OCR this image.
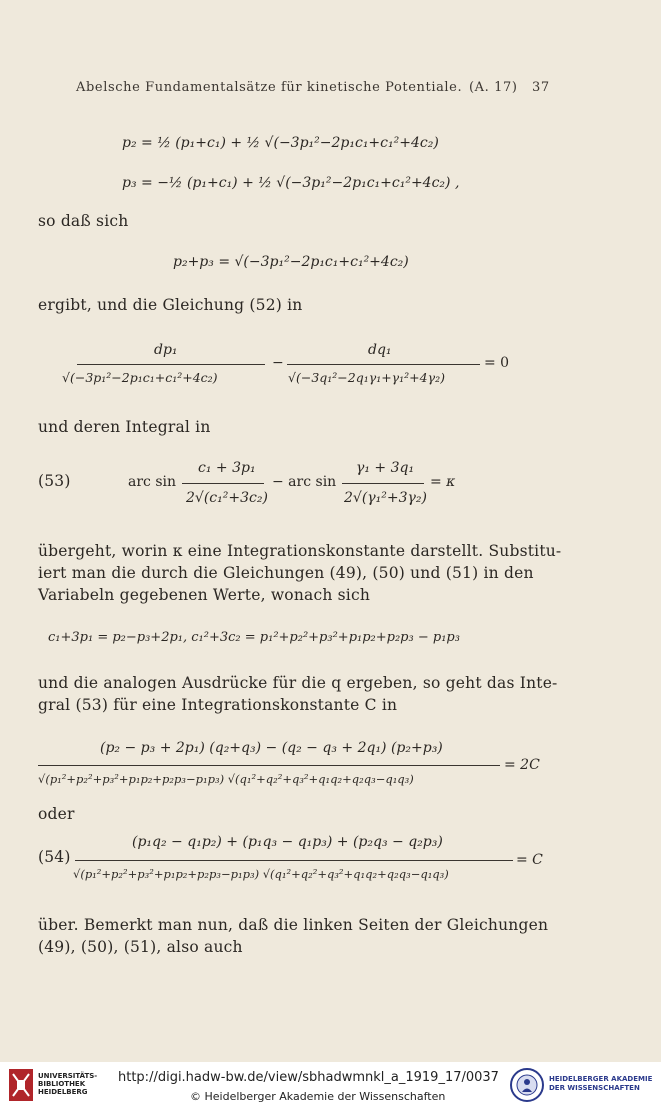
Abelsche Fundamentalsätze für kinetische Potentiale. (A. 17) 37
p₂ = ½ (p₁+c₁) + ½ √(−3p₁²−2p₁c₁+c₁²+4c₂)
p₃ = −½ (p₁+c₁) + ½ √(−3p₁²−2p₁c₁+c₁²+4c₂) ,
so daß sich
p₂+p₃ = √(−3p₁²−2p₁c₁+c₁²+4c₂)
ergibt, und die Gleichung (52) in
dp₁
√(−3p₁²−2p₁c₁+c₁²+4c₂)
−
dq₁
√(−3q₁²−2q₁γ₁+γ₁²+4γ₂)
= 0
und deren Integral in
(53)	arc sin
c₁ + 3p₁
2√(c₁²+3c₂)
− arc sin
γ₁ + 3q₁
2√(γ₁²+3γ₂)
= κ
übergeht, worin κ eine Integrationskonstante darstellt. Substitu-
iert man die durch die Gleichungen (49), (50) und (51) in den
Variabeln gegebenen Werte, wonach sich
c₁+3p₁ = p₂−p₃+2p₁, c₁²+3c₂ = p₁²+p₂²+p₃²+p₁p₂+p₂p₃ − p₁p₃
und die analogen Ausdrücke für die q ergeben, so geht das Inte-
gral (53) für eine Integrationskonstante C in
(p₂ − p₃ + 2p₁) (q₂+q₃) − (q₂ − q₃ + 2q₁) (p₂+p₃)
√(p₁²+p₂²+p₃²+p₁p₂+p₂p₃−p₁p₃) √(q₁²+q₂²+q₃²+q₁q₂+q₂q₃−q₁q₃)
= 2C
oder
(54)
(p₁q₂ − q₁p₂) + (p₁q₃ − q₁p₃) + (p₂q₃ − q₂p₃)
√(p₁²+p₂²+p₃²+p₁p₂+p₂p₃−p₁p₃) √(q₁²+q₂²+q₃²+q₁q₂+q₂q₃−q₁q₃)
= C
über. Bemerkt man nun, daß die linken Seiten der Gleichungen
(49), (50), (51), also auch
UNIVERSITÄTS-
BIBLIOTHEK
HEIDELBERG
http://digi.hadw-bw.de/view/sbhadwmnkl_a_1919_17/0037
© Heidelberger Akademie der Wissenschaften
HEIDELBERGER AKADEMIE
DER WISSENSCHAFTEN
